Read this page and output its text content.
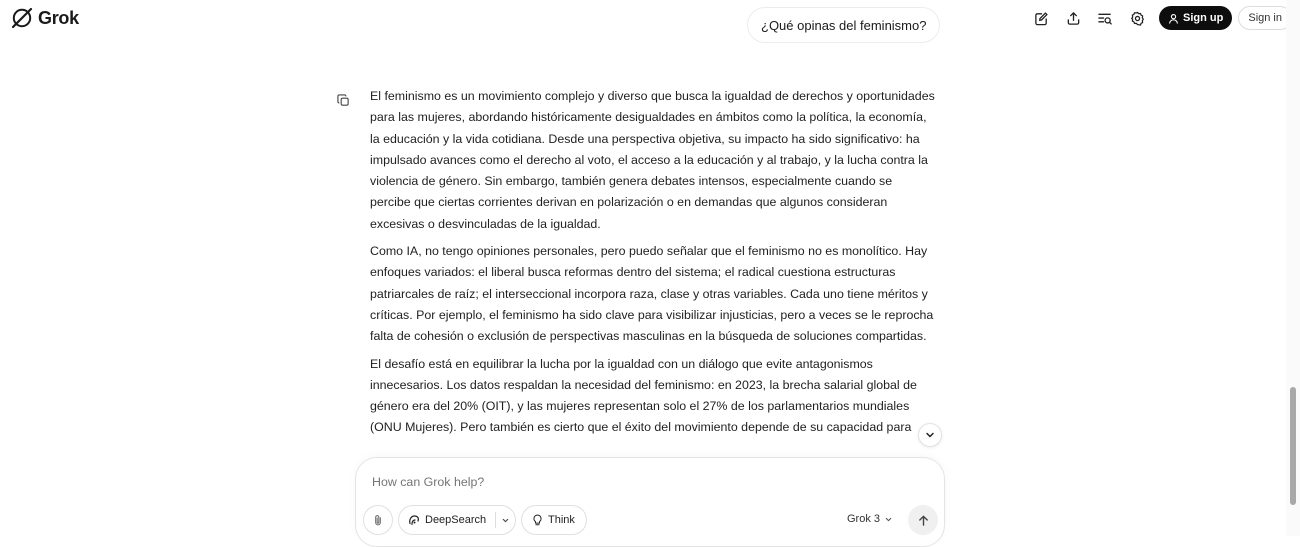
Grok	¿Qué opinas del feminismo?	Sign up Sign in

El feminismo es un movimiento complejo y diverso que busca la igualdad de derechos y oportunidades para las mujeres, abordando históricamente desigualdades en ámbitos como la política, la economía, la educación y la vida cotidiana. Desde una perspectiva objetiva, su impacto ha sido significativo: ha impulsado avances como el derecho al voto, el acceso a la educación y al trabajo, y la lucha contra la violencia de género. Sin embargo, también genera debates intensos, especialmente cuando se percibe que ciertas corrientes derivan en polarización o en demandas que algunos consideran excesivas o desvinculadas de la igualdad.

Como IA, no tengo opiniones personales, pero puedo señalar que el feminismo no es monolítico. Hay enfoques variados: el liberal busca reformas dentro del sistema; el radical cuestiona estructuras patriarcales de raíz; el interseccional incorpora raza, clase y otras variables. Cada uno tiene méritos y críticas. Por ejemplo, el feminismo ha sido clave para visibilizar injusticias, pero a veces se le reprocha falta de cohesión o exclusión de perspectivas masculinas en la búsqueda de soluciones compartidas.

El desafío está en equilibrar la lucha por la igualdad con un diálogo que evite antagonismos innecesarios. Los datos respaldan la necesidad del feminismo: en 2023, la brecha salarial global de género era del 20% (OIT), y las mujeres representan solo el 27% de los parlamentarios mundiales (ONU Mujeres). Pero también es cierto que el éxito del movimiento depende de su capacidad para

How can Grok help?
DeepSearch	Think	Grok 3
